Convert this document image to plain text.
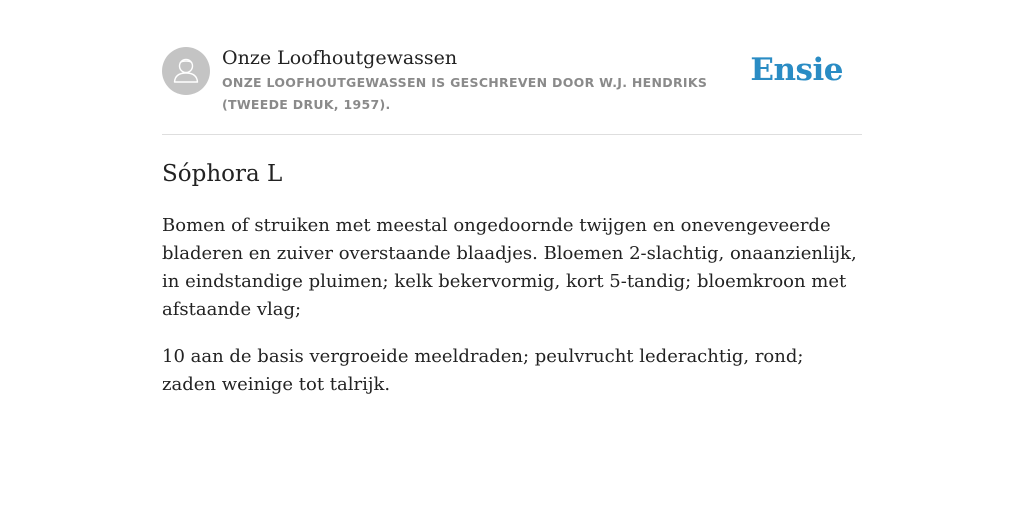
Onze Loofhoutgewassen
ONZE LOOFHOUTGEWASSEN IS GESCHREVEN DOOR W.J. HENDRIKS (TWEEDE DRUK, 1957).
Ensie
Sóphora L

Bomen of struiken met meestal ongedoornde twijgen en onevengeveerde bladeren en zuiver overstaande blaadjes. Bloemen 2-slachtig, onaanzienlijk, in eindstandige pluimen; kelk bekervormig, kort 5-tandig; bloemkroon met afstaande vlag;

10 aan de basis vergroeide meeldraden; peulvrucht lederachtig, rond; zaden weinige tot talrijk.
